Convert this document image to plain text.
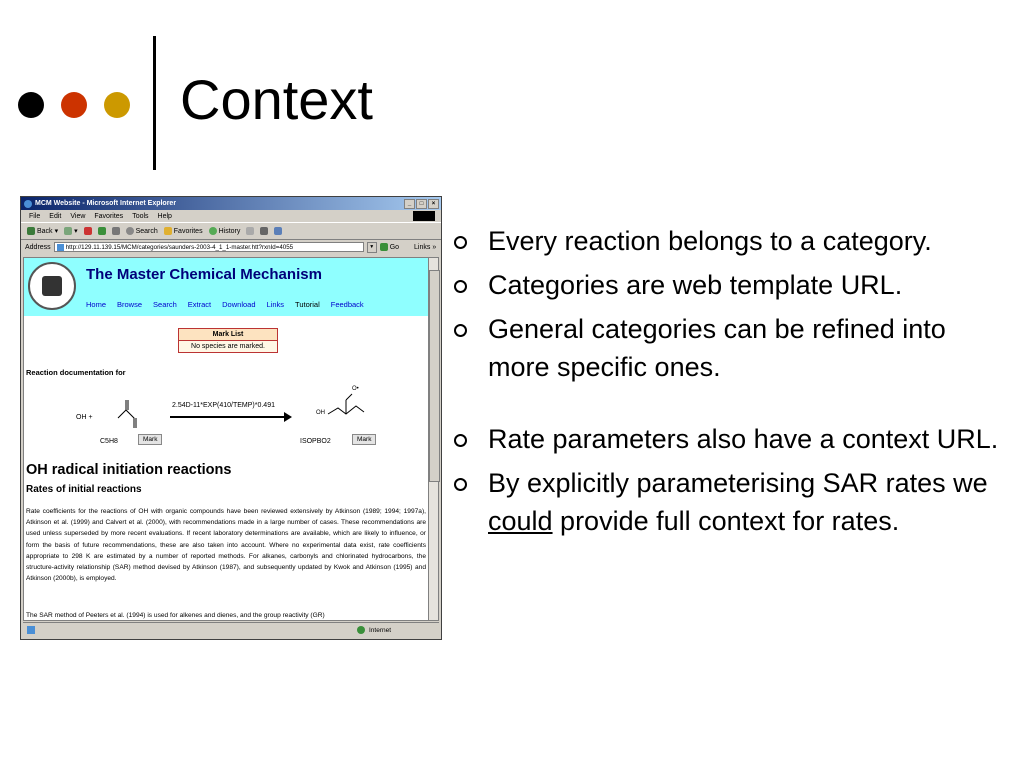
Context
Every reaction belongs to a category.
Categories are web template URL.
General categories can be refined into more specific ones.
Rate parameters also have a context URL.
By explicitly parameterising SAR rates we could provide full context for rates.
MCM Website - Microsoft Internet Explorer	_	□	×
File Edit View Favorites Tools Help
Back ▾	▾	Search Favorites History
Address http://129.11.139.15/MCM/categories/saunders-2003-4_1_1-master.htt?rxnId=4055	▼	Go Links »
The Master Chemical Mechanism
Home Browse Search Extract Download Links Tutorial Feedback
Mark List
No species are marked.
Reaction documentation for
OH +
C5H8	Mark
2.54D-11*EXP(410/TEMP)*0.491
OH
O•
ISOPBO2	Mark
OH radical initiation reactions
Rates of initial reactions
Rate coefficients for the reactions of OH with organic compounds have been reviewed extensively by Atkinson (1989; 1994; 1997a), Atkinson et al. (1999) and Calvert et al. (2000), with recommendations made in a large number of cases. These recommendations are used unless superseded by more recent evaluations. If recent laboratory determinations are available, which are likely to influence, or form the basis of future recommendations, these are also taken into account. Where no experimental data exist, rate coefficients appropriate to 298 K are estimated by a number of reported methods. For alkanes, carbonyls and chlorinated hydrocarbons, the structure-activity relationship (SAR) method devised by Atkinson (1987), and subsequently updated by Kwok and Atkinson (1995) and Atkinson (2000b), is employed.
The SAR method of Peeters et al. (1994) is used for alkenes and dienes, and the group reactivity (GR)
Internet
